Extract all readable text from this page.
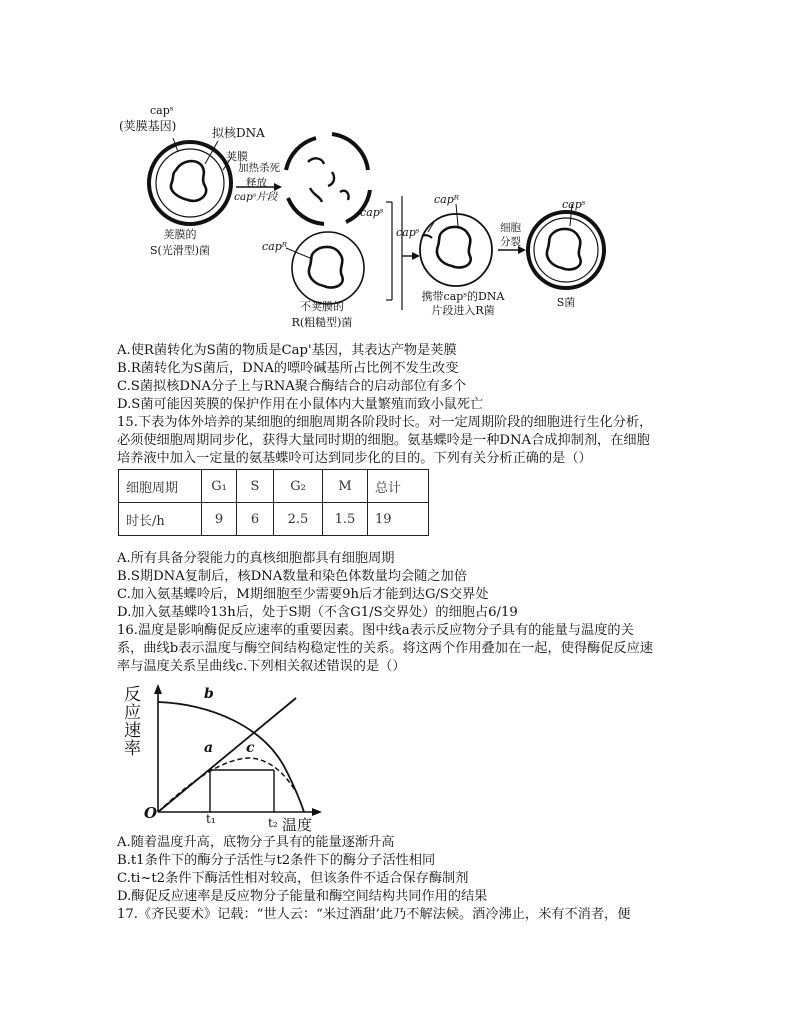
capˢ
(荚膜基因)	拟核DNA
荚膜
加热杀死
释放
capˢ片段
荚膜的
S(光滑型)菌
capˢ
capᴿ
不荚膜的
R(粗糙型)菌
capˢ
capᴿ
携带capˢ的DNA
片段进入R菌
细胞
分裂
capˢ
S菌
A.使R菌转化为S菌的物质是Cap'基因，其表达产物是荚膜
B.R菌转化为S菌后，DNA的嘌呤碱基所占比例不发生改变
C.S菌拟核DNA分子上与RNA聚合酶结合的启动部位有多个
D.S菌可能因荚膜的保护作用在小鼠体内大量繁殖而致小鼠死亡
15.下表为体外培养的某细胞的细胞周期各阶段时长。对一定周期阶段的细胞进行生化分析，
必须使细胞周期同步化，获得大量同时期的细胞。氨基蝶呤是一种DNA合成抑制剂，在细胞
培养液中加入一定量的氨基蝶呤可达到同步化的目的。下列有关分析正确的是（）
细胞周期	G₁	S	G₂	M	总计
时长/h	9	6	2.5	1.5	19
A.所有具备分裂能力的真核细胞都具有细胞周期
B.S期DNA复制后，核DNA数量和染色体数量均会随之加倍
C.加入氨基蝶呤后，M期细胞至少需要9h后才能到达G/S交界处
D.加入氨基蝶呤13h后，处于S期（不含G1/S交界处）的细胞占6/19
16.温度是影响酶促反应速率的重要因素。图中线a表示反应物分子具有的能量与温度的关
系，曲线b表示温度与酶空间结构稳定性的关系。将这两个作用叠加在一起，使得酶促反应速
率与温度关系呈曲线c.下列相关叙述错误的是（）
反
应
速
率
O
b
a c
t₁	t₂ 温度
A.随着温度升高，底物分子具有的能量逐渐升高
B.t1条件下的酶分子活性与t2条件下的酶分子活性相同
C.ti~t2条件下酶活性相对较高，但该条件不适合保存酶制剂
D.酶促反应速率是反应物分子能量和酶空间结构共同作用的结果
17.《齐民要术》记载：“世人云：“米过酒甜’此乃不解法候。酒冷沸止，米有不消者，便
